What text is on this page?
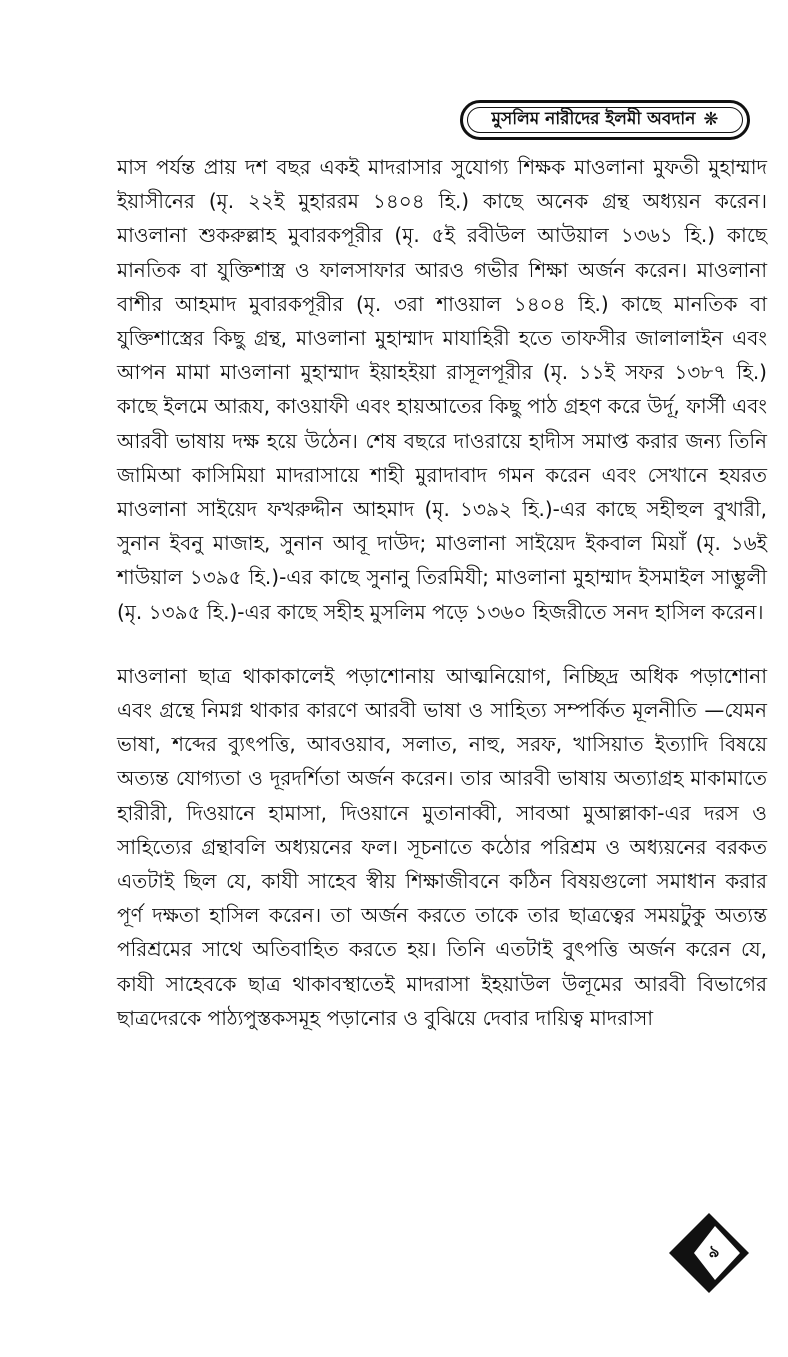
মুসলিম নারীদের ইলমী অবদান ❋

মাস পর্যন্ত প্রায় দশ বছর একই মাদরাসার সুযোগ্য শিক্ষক মাওলানা মুফতী মুহাম্মাদ ইয়াসীনের (মৃ. ২২ই মুহাররম ১৪০৪ হি.) কাছে অনেক গ্রন্থ অধ্যয়ন করেন। মাওলানা শুকরুল্লাহ মুবারকপূরীর (মৃ. ৫ই রবীউল আউয়াল ১৩৬১ হি.) কাছে মানতিক বা যুক্তিশাস্ত্র ও ফালসাফার আরও গভীর শিক্ষা অর্জন করেন। মাওলানা বাশীর আহমাদ মুবারকপূরীর (মৃ. ৩রা শাওয়াল ১৪০৪ হি.) কাছে মানতিক বা যুক্তিশাস্ত্রের কিছু গ্রন্থ, মাওলানা মুহাম্মাদ মাযাহিরী হতে তাফসীর জালালাইন এবং আপন মামা মাওলানা মুহাম্মাদ ইয়াহইয়া রাসূলপূরীর (মৃ. ১১ই সফর ১৩৮৭ হি.) কাছে ইলমে আরূয, কাওয়াফী এবং হায়আতের কিছু পাঠ গ্রহণ করে উর্দূ, ফার্সী এবং আরবী ভাষায় দক্ষ হয়ে উঠেন। শেষ বছরে দাওরায়ে হাদীস সমাপ্ত করার জন্য তিনি জামিআ কাসিমিয়া মাদরাসায়ে শাহী মুরাদাবাদ গমন করেন এবং সেখানে হযরত মাওলানা সাইয়েদ ফখরুদ্দীন আহমাদ (মৃ. ১৩৯২ হি.)-এর কাছে সহীহুল বুখারী, সুনান ইবনু মাজাহ, সুনান আবূ দাউদ; মাওলানা সাইয়েদ ইকবাল মিয়াঁ (মৃ. ১৬ই শাউয়াল ১৩৯৫ হি.)-এর কাছে সুনানু তিরমিযী; মাওলানা মুহাম্মাদ ইসমাইল সাম্ভুলী (মৃ. ১৩৯৫ হি.)-এর কাছে সহীহ মুসলিম পড়ে ১৩৬০ হিজরীতে সনদ হাসিল করেন।

মাওলানা ছাত্র থাকাকালেই পড়াশোনায় আত্মনিয়োগ, নিচ্ছিদ্র অধিক পড়াশোনা এবং গ্রন্থে নিমগ্ন থাকার কারণে আরবী ভাষা ও সাহিত্য সম্পর্কিত মূলনীতি —যেমন ভাষা, শব্দের ব্যুৎপত্তি, আবওয়াব, সলাত, নাহু, সরফ, খাসিয়াত ইত্যাদি বিষয়ে অত্যন্ত যোগ্যতা ও দূরদর্শিতা অর্জন করেন। তার আরবী ভাষায় অত্যাগ্রহ মাকামাতে হারীরী, দিওয়ানে হামাসা, দিওয়ানে মুতানাব্বী, সাবআ মুআল্লাকা-এর দরস ও সাহিত্যের গ্রন্থাবলি অধ্যয়নের ফল। সূচনাতে কঠোর পরিশ্রম ও অধ্যয়নের বরকত এতটাই ছিল যে, কাযী সাহেব স্বীয় শিক্ষাজীবনে কঠিন বিষয়গুলো সমাধান করার পূর্ণ দক্ষতা হাসিল করেন। তা অর্জন করতে তাকে তার ছাত্রত্বের সময়টুকু অত্যন্ত পরিশ্রমের সাথে অতিবাহিত করতে হয়। তিনি এতটাই বুৎপত্তি অর্জন করেন যে, কাযী সাহেবকে ছাত্র থাকাবস্থাতেই মাদরাসা ইহয়াউল উলূমের আরবী বিভাগের ছাত্রদেরকে পাঠ্যপুস্তকসমূহ পড়ানোর ও বুঝিয়ে দেবার দায়িত্ব মাদরাসা

৯
